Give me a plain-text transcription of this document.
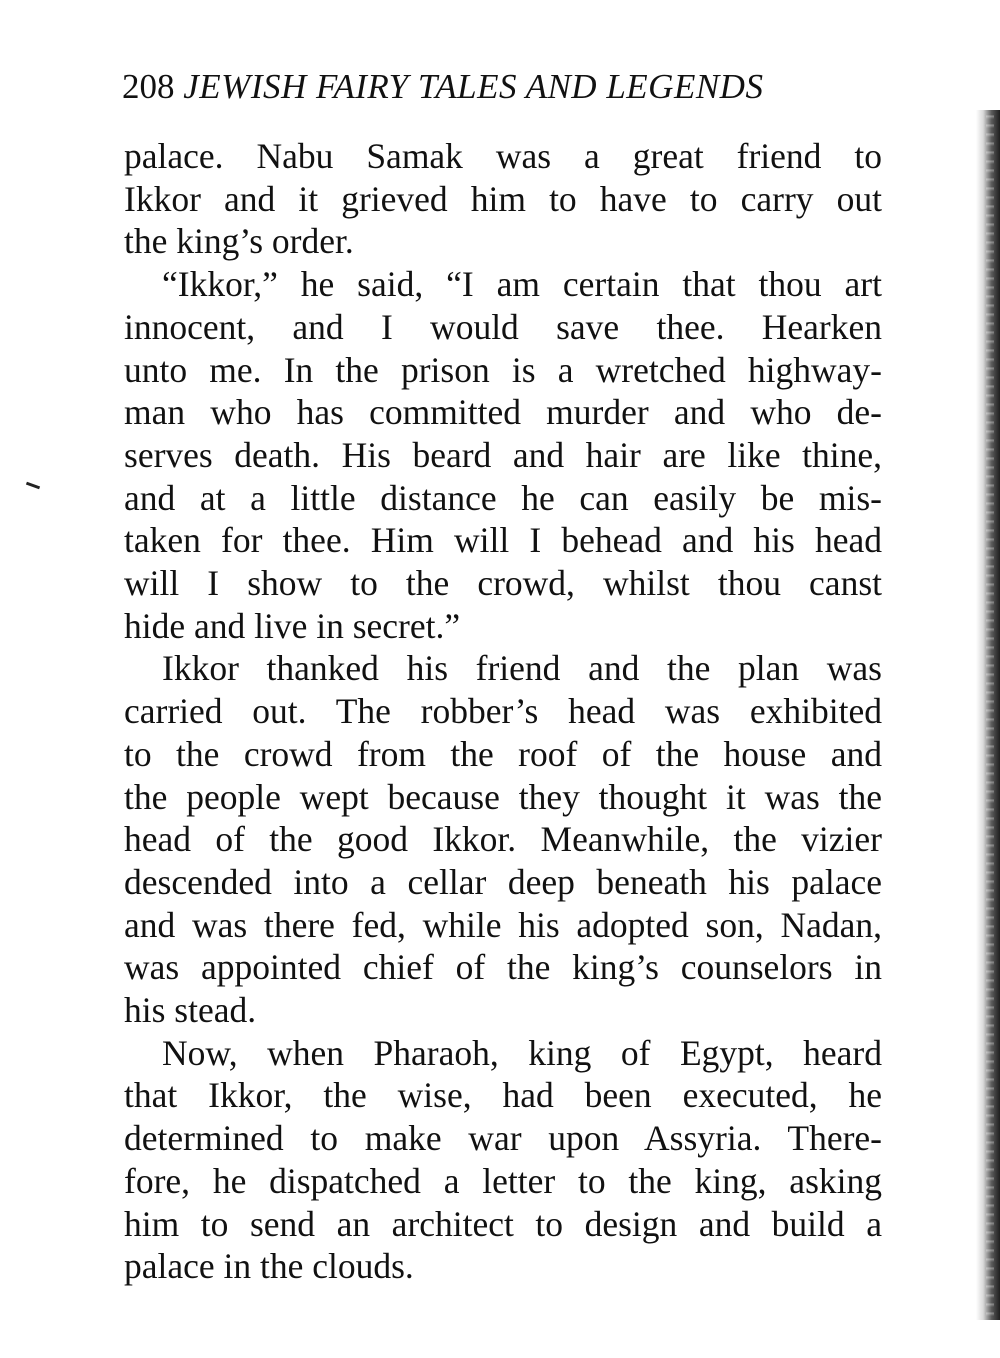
208 JEWISH FAIRY TALES AND LEGENDS
palace. Nabu Samak was a great friend to
Ikkor and it grieved him to have to carry out
the king’s order.
“Ikkor,” he said, “I am certain that thou art
innocent, and I would save thee. Hearken
unto me. In the prison is a wretched highway-
man who has committed murder and who de-
serves death. His beard and hair are like thine,
and at a little distance he can easily be mis-
taken for thee. Him will I behead and his head
will I show to the crowd, whilst thou canst
hide and live in secret.”
Ikkor thanked his friend and the plan was
carried out. The robber’s head was exhibited
to the crowd from the roof of the house and
the people wept because they thought it was the
head of the good Ikkor. Meanwhile, the vizier
descended into a cellar deep beneath his palace
and was there fed, while his adopted son, Nadan,
was appointed chief of the king’s counselors in
his stead.
Now, when Pharaoh, king of Egypt, heard
that Ikkor, the wise, had been executed, he
determined to make war upon Assyria. There-
fore, he dispatched a letter to the king, asking
him to send an architect to design and build a
palace in the clouds.
